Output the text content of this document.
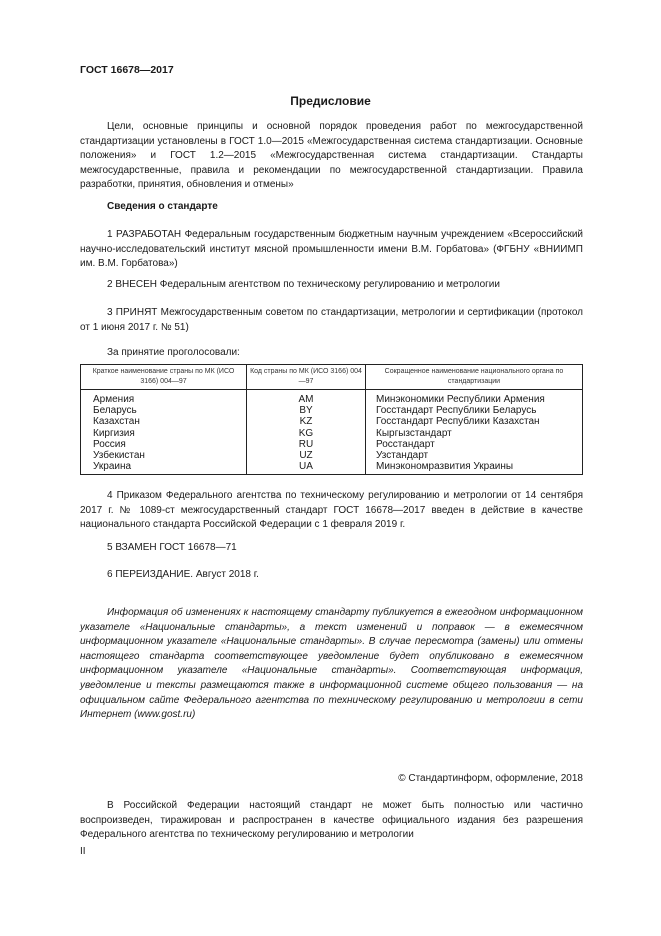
ГОСТ 16678—2017
Предисловие

Цели, основные принципы и основной порядок проведения работ по межгосударственной стандартизации установлены в ГОСТ 1.0—2015 «Межгосударственная система стандартизации. Основные положения» и ГОСТ 1.2—2015 «Межгосударственная система стандартизации. Стандарты межгосударственные, правила и рекомендации по межгосударственной стандартизации. Правила разработки, принятия, обновления и отмены»

Сведения о стандарте

1 РАЗРАБОТАН Федеральным государственным бюджетным научным учреждением «Всероссийский научно-исследовательский институт мясной промышленности имени В.М. Горбатова» (ФГБНУ «ВНИИМП им. В.М. Горбатова»)

2 ВНЕСЕН Федеральным агентством по техническому регулированию и метрологии

3 ПРИНЯТ Межгосударственным советом по стандартизации, метрологии и сертификации (протокол от 1 июня 2017 г. № 51)

За принятие проголосовали:
Краткое наименование страны по МК (ИСО 3166) 004—97	Код страны по МК (ИСО 3166) 004—97	Сокращенное наименование национального органа по стандартизации
Армения	AM	Минэкономики Республики Армения
Беларусь	BY	Госстандарт Республики Беларусь
Казахстан	KZ	Госстандарт Республики Казахстан
Киргизия	KG	Кыргызстандарт
Россия	RU	Росстандарт
Узбекистан	UZ	Узстандарт
Украина	UA	Минэкономразвития Украины

4 Приказом Федерального агентства по техническому регулированию и метрологии от 14 сентября 2017 г. № 1089-ст межгосударственный стандарт ГОСТ 16678—2017 введен в действие в качестве национального стандарта Российской Федерации с 1 февраля 2019 г.

5 ВЗАМЕН ГОСТ 16678—71

6 ПЕРЕИЗДАНИЕ. Август 2018 г.

Информация об изменениях к настоящему стандарту публикуется в ежегодном информационном указателе «Национальные стандарты», а текст изменений и поправок — в ежемесячном информационном указателе «Национальные стандарты». В случае пересмотра (замены) или отмены настоящего стандарта соответствующее уведомление будет опубликовано в ежемесячном информационном указателе «Национальные стандарты». Соответствующая информация, уведомление и тексты размещаются также в информационной системе общего пользования — на официальном сайте Федерального агентства по техническому регулированию и метрологии в сети Интернет (www.gost.ru)

© Стандартинформ, оформление, 2018

В Российской Федерации настоящий стандарт не может быть полностью или частично воспроизведен, тиражирован и распространен в качестве официального издания без разрешения Федерального агентства по техническому регулированию и метрологии

II
